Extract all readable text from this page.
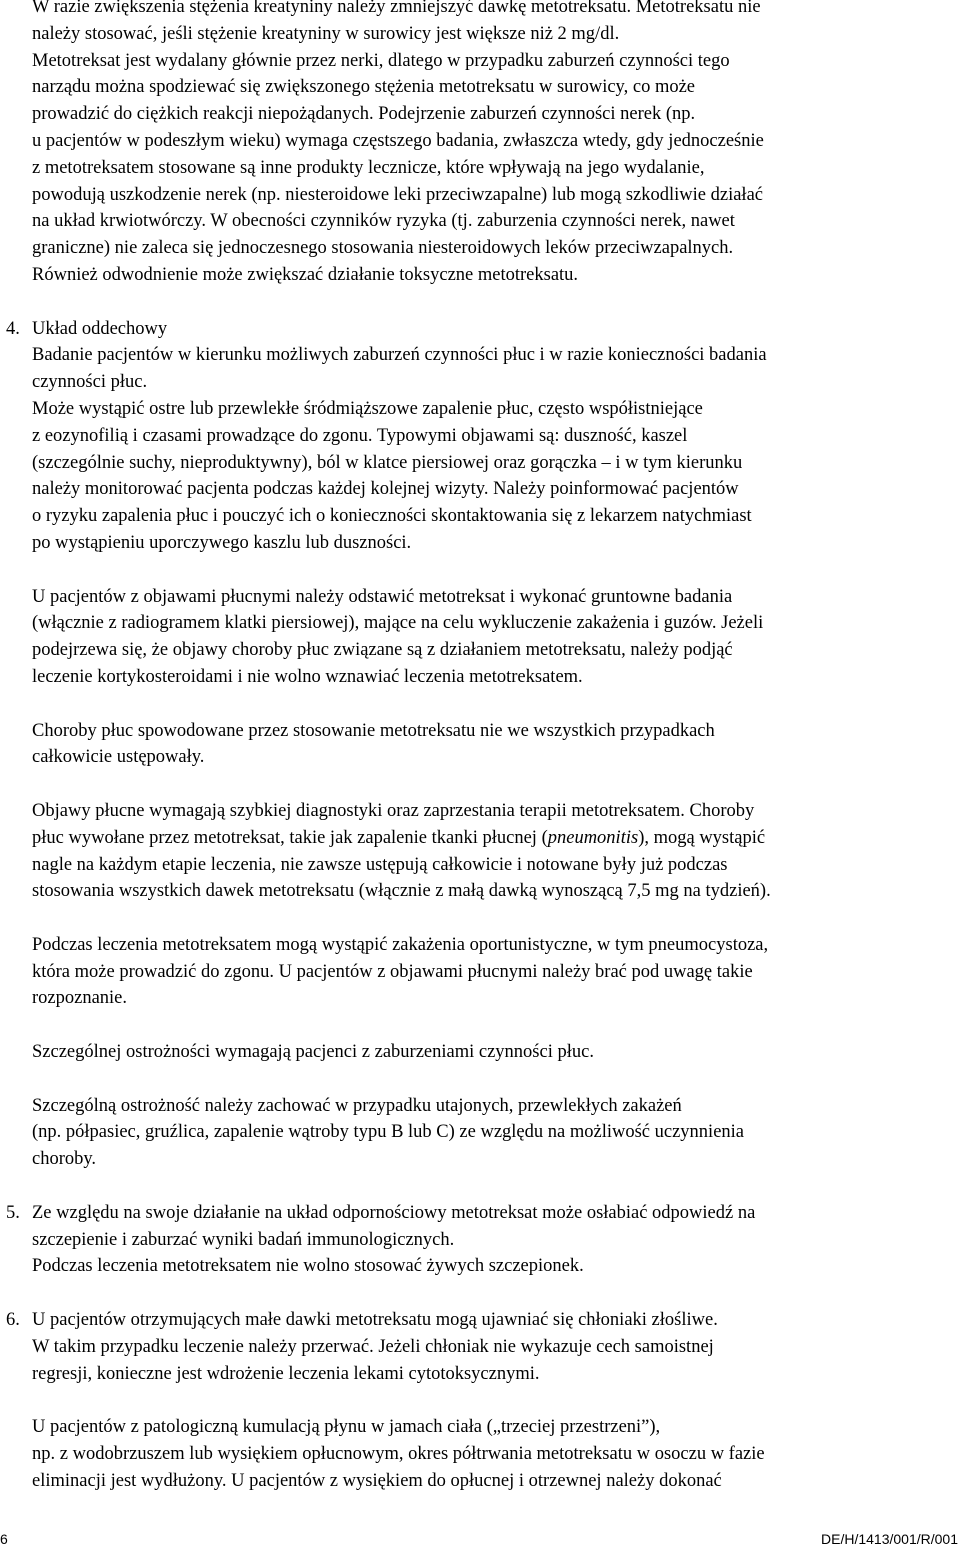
W razie zwiększenia stężenia kreatyniny należy zmniejszyć dawkę metotreksatu. Metotreksatu nie
należy stosować, jeśli stężenie kreatyniny w surowicy jest większe niż 2 mg/dl.
Metotreksat jest wydalany głównie przez nerki, dlatego w przypadku zaburzeń czynności tego
narządu można spodziewać się zwiększonego stężenia metotreksatu w surowicy, co może
prowadzić do ciężkich reakcji niepożądanych. Podejrzenie zaburzeń czynności nerek (np.
u pacjentów w podeszłym wieku) wymaga częstszego badania, zwłaszcza wtedy, gdy jednocześnie
z metotreksatem stosowane są inne produkty lecznicze, które wpływają na jego wydalanie,
powodują uszkodzenie nerek (np. niesteroidowe leki przeciwzapalne) lub mogą szkodliwie działać
na układ krwiotwórczy. W obecności czynników ryzyka (tj. zaburzenia czynności nerek, nawet
graniczne) nie zaleca się jednoczesnego stosowania niesteroidowych leków przeciwzapalnych.
Również odwodnienie może zwiększać działanie toksyczne metotreksatu.
4. Układ oddechowy
Badanie pacjentów w kierunku możliwych zaburzeń czynności płuc i w razie konieczności badania
czynności płuc.
Może wystąpić ostre lub przewlekłe śródmiąższowe zapalenie płuc, często współistniejące
z eozynofilią i czasami prowadzące do zgonu. Typowymi objawami są: duszność, kaszel
(szczególnie suchy, nieproduktywny), ból w klatce piersiowej oraz gorączka – i w tym kierunku
należy monitorować pacjenta podczas każdej kolejnej wizyty. Należy poinformować pacjentów
o ryzyku zapalenia płuc i pouczyć ich o konieczności skontaktowania się z lekarzem natychmiast
po wystąpieniu uporczywego kaszlu lub duszności.
U pacjentów z objawami płucnymi należy odstawić metotreksat i wykonać gruntowne badania
(włącznie z radiogramem klatki piersiowej), mające na celu wykluczenie zakażenia i guzów. Jeżeli
podejrzewa się, że objawy choroby płuc związane są z działaniem metotreksatu, należy podjąć
leczenie kortykosteroidami i nie wolno wznawiać leczenia metotreksatem.
Choroby płuc spowodowane przez stosowanie metotreksatu nie we wszystkich przypadkach
całkowicie ustępowały.
Objawy płucne wymagają szybkiej diagnostyki oraz zaprzestania terapii metotreksatem. Choroby
płuc wywołane przez metotreksat, takie jak zapalenie tkanki płucnej (pneumonitis), mogą wystąpić
nagle na każdym etapie leczenia, nie zawsze ustępują całkowicie i notowane były już podczas
stosowania wszystkich dawek metotreksatu (włącznie z małą dawką wynoszącą 7,5 mg na tydzień).
Podczas leczenia metotreksatem mogą wystąpić zakażenia oportunistyczne, w tym pneumocystoza,
która może prowadzić do zgonu. U pacjentów z objawami płucnymi należy brać pod uwagę takie
rozpoznanie.
Szczególnej ostrożności wymagają pacjenci z zaburzeniami czynności płuc.
Szczególną ostrożność należy zachować w przypadku utajonych, przewlekłych zakażeń
(np. półpasiec, gruźlica, zapalenie wątroby typu B lub C) ze względu na możliwość uczynnienia
choroby.
5. Ze względu na swoje działanie na układ odpornościowy metotreksat może osłabiać odpowiedź na
szczepienie i zaburzać wyniki badań immunologicznych.
Podczas leczenia metotreksatem nie wolno stosować żywych szczepionek.
6. U pacjentów otrzymujących małe dawki metotreksatu mogą ujawniać się chłoniaki złośliwe.
W takim przypadku leczenie należy przerwać. Jeżeli chłoniak nie wykazuje cech samoistnej
regresji, konieczne jest wdrożenie leczenia lekami cytotoksycznymi.
U pacjentów z patologiczną kumulacją płynu w jamach ciała („trzeciej przestrzeni”),
np. z wodobrzuszem lub wysiękiem opłucnowym, okres półtrwania metotreksatu w osoczu w fazie
eliminacji jest wydłużony. U pacjentów z wysiękiem do opłucnej i otrzewnej należy dokonać
6	DE/H/1413/001/R/001
